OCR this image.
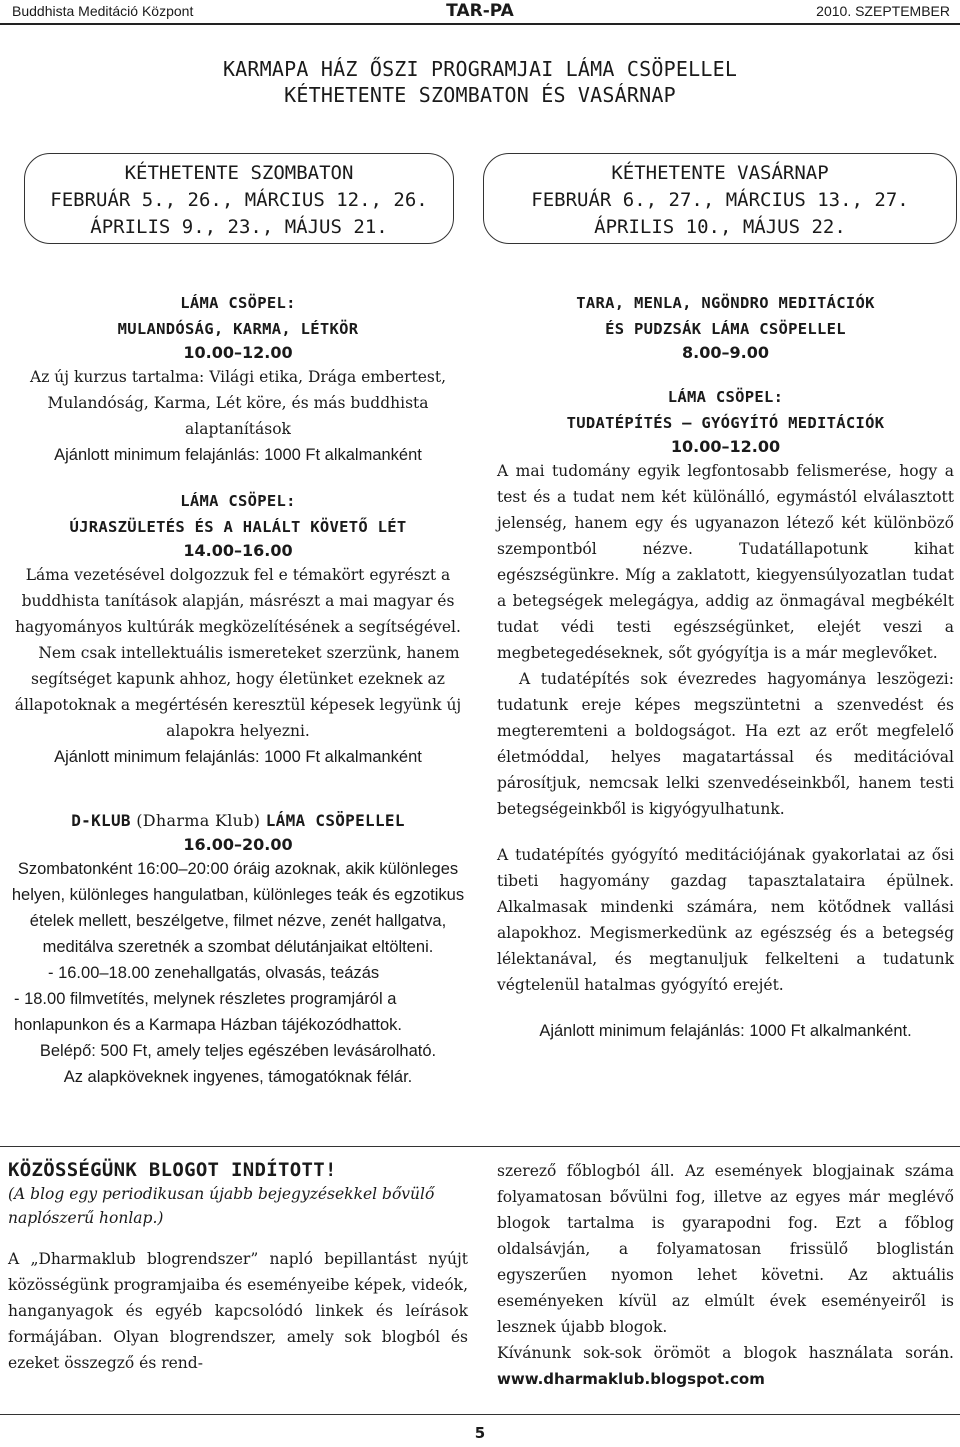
Buddhista Meditáció Központ	TAR-PA	2010. SZEPTEMBER
KARMAPA HÁZ ŐSZI PROGRAMJAI LÁMA CSÖPELLEL
KÉTHETENTE SZOMBATON ÉS VASÁRNAP
KÉTHETENTE SZOMBATON
FEBRUÁR 5., 26., MÁRCIUS 12., 26.
ÁPRILIS 9., 23., MÁJUS 21.
KÉTHETENTE VASÁRNAP
FEBRUÁR 6., 27., MÁRCIUS 13., 27.
ÁPRILIS 10., MÁJUS 22.
LÁMA CSÖPEL:
MULANDÓSÁG, KARMA, LÉTKÖR
10.00–12.00
Az új kurzus tartalma: Világi etika, Drága embertest, Mulandóság, Karma, Lét köre, és más buddhista alaptanítások
Ajánlott minimum felajánlás: 1000 Ft alkalmanként
LÁMA CSÖPEL:
ÚJRASZÜLETÉS ÉS A HALÁLT KÖVETŐ LÉT
14.00–16.00
Láma vezetésével dolgozzuk fel e témakört egyrészt a buddhista tanítások alapján, másrészt a mai magyar és hagyományos kultúrák megközelítésének a segítségével.
Nem csak intellektuális ismereteket szerzünk, hanem segítséget kapunk ahhoz, hogy életünket ezeknek az állapotoknak a megértésén keresztül képesek legyünk új alapokra helyezni.
Ajánlott minimum felajánlás: 1000 Ft alkalmanként
D-KLUB (Dharma Klub) LÁMA CSÖPELLEL
16.00–20.00
Szombatonként 16:00–20:00 óráig azoknak, akik különleges helyen, különleges hangulatban, különleges teák és egzotikus ételek mellett, beszélgetve, filmet nézve, zenét hallgatva, meditálva szeretnék a szombat délutánjaikat eltölteni.
- 16.00–18.00 zenehallgatás, olvasás, teázás
- 18.00 filmvetítés, melynek részletes programjáról a honlapunkon és a Karmapa Házban tájékozódhattok.
Belépő: 500 Ft, amely teljes egészében levásárolható.
Az alapköveknek ingyenes, támogatóknak félár.
TARA, MENLA, NGÖNDRO MEDITÁCIÓK
ÉS PUDZSÁK LÁMA CSÖPELLEL
8.00–9.00
LÁMA CSÖPEL:
TUDATÉPÍTÉS – GYÓGYÍTÓ MEDITÁCIÓK
10.00–12.00
A mai tudomány egyik legfontosabb felismerése, hogy a test és a tudat nem két különálló, egymástól elválasztott jelenség, hanem egy és ugyanazon létező két különböző szempontból nézve. Tudatállapotunk kihat egészségünkre. Míg a zaklatott, kiegyensúlyozatlan tudat a betegségek melegágya, addig az önmagával megbékélt tudat védi testi egészségünket, elejét veszi a megbetegedéseknek, sőt gyógyítja is a már meglevőket.
A tudatépítés sok évezredes hagyománya leszögezi: tudatunk ereje képes megszüntetni a szenvedést és megteremteni a boldogságot. Ha ezt az erőt megfelelő életmóddal, helyes magatartással és meditációval párosítjuk, nemcsak lelki szenvedéseinkből, hanem testi betegségeinkből is kigyógyulhatunk.
A tudatépítés gyógyító meditációjának gyakorlatai az ősi tibeti hagyomány gazdag tapasztalataira épülnek. Alkalmasak mindenki számára, nem kötődnek vallási alapokhoz. Megismerkedünk az egészség és a betegség lélektanával, és megtanuljuk felkelteni a tudatunk végtelenül hatalmas gyógyító erejét.
Ajánlott minimum felajánlás: 1000 Ft alkalmanként.
KÖZÖSSÉGÜNK BLOGOT INDÍTOTT!
(A blog egy periodikusan újabb bejegyzésekkel bővülő naplószerű honlap.)
A „Dharmaklub blogrendszer” napló bepillantást nyújt közösségünk programjaiba és eseményeibe képek, videók, hanganyagok és egyéb kapcsolódó linkek és leírások formájában. Olyan blogrendszer, amely sok blogból és ezeket összegző és rend-
szerező főblogból áll. Az események blogjainak száma folyamatosan bővülni fog, illetve az egyes már meglévő blogok tartalma is gyarapodni fog. Ezt a főblog oldalsávján, a folyamatosan frissülő bloglistán egyszerűen nyomon lehet követni. Az aktuális eseményeken kívül az elmúlt évek eseményeiről is lesznek újabb blogok.
Kívánunk sok-sok örömöt a blogok használata során. www.dharmaklub.blogspot.com
5
